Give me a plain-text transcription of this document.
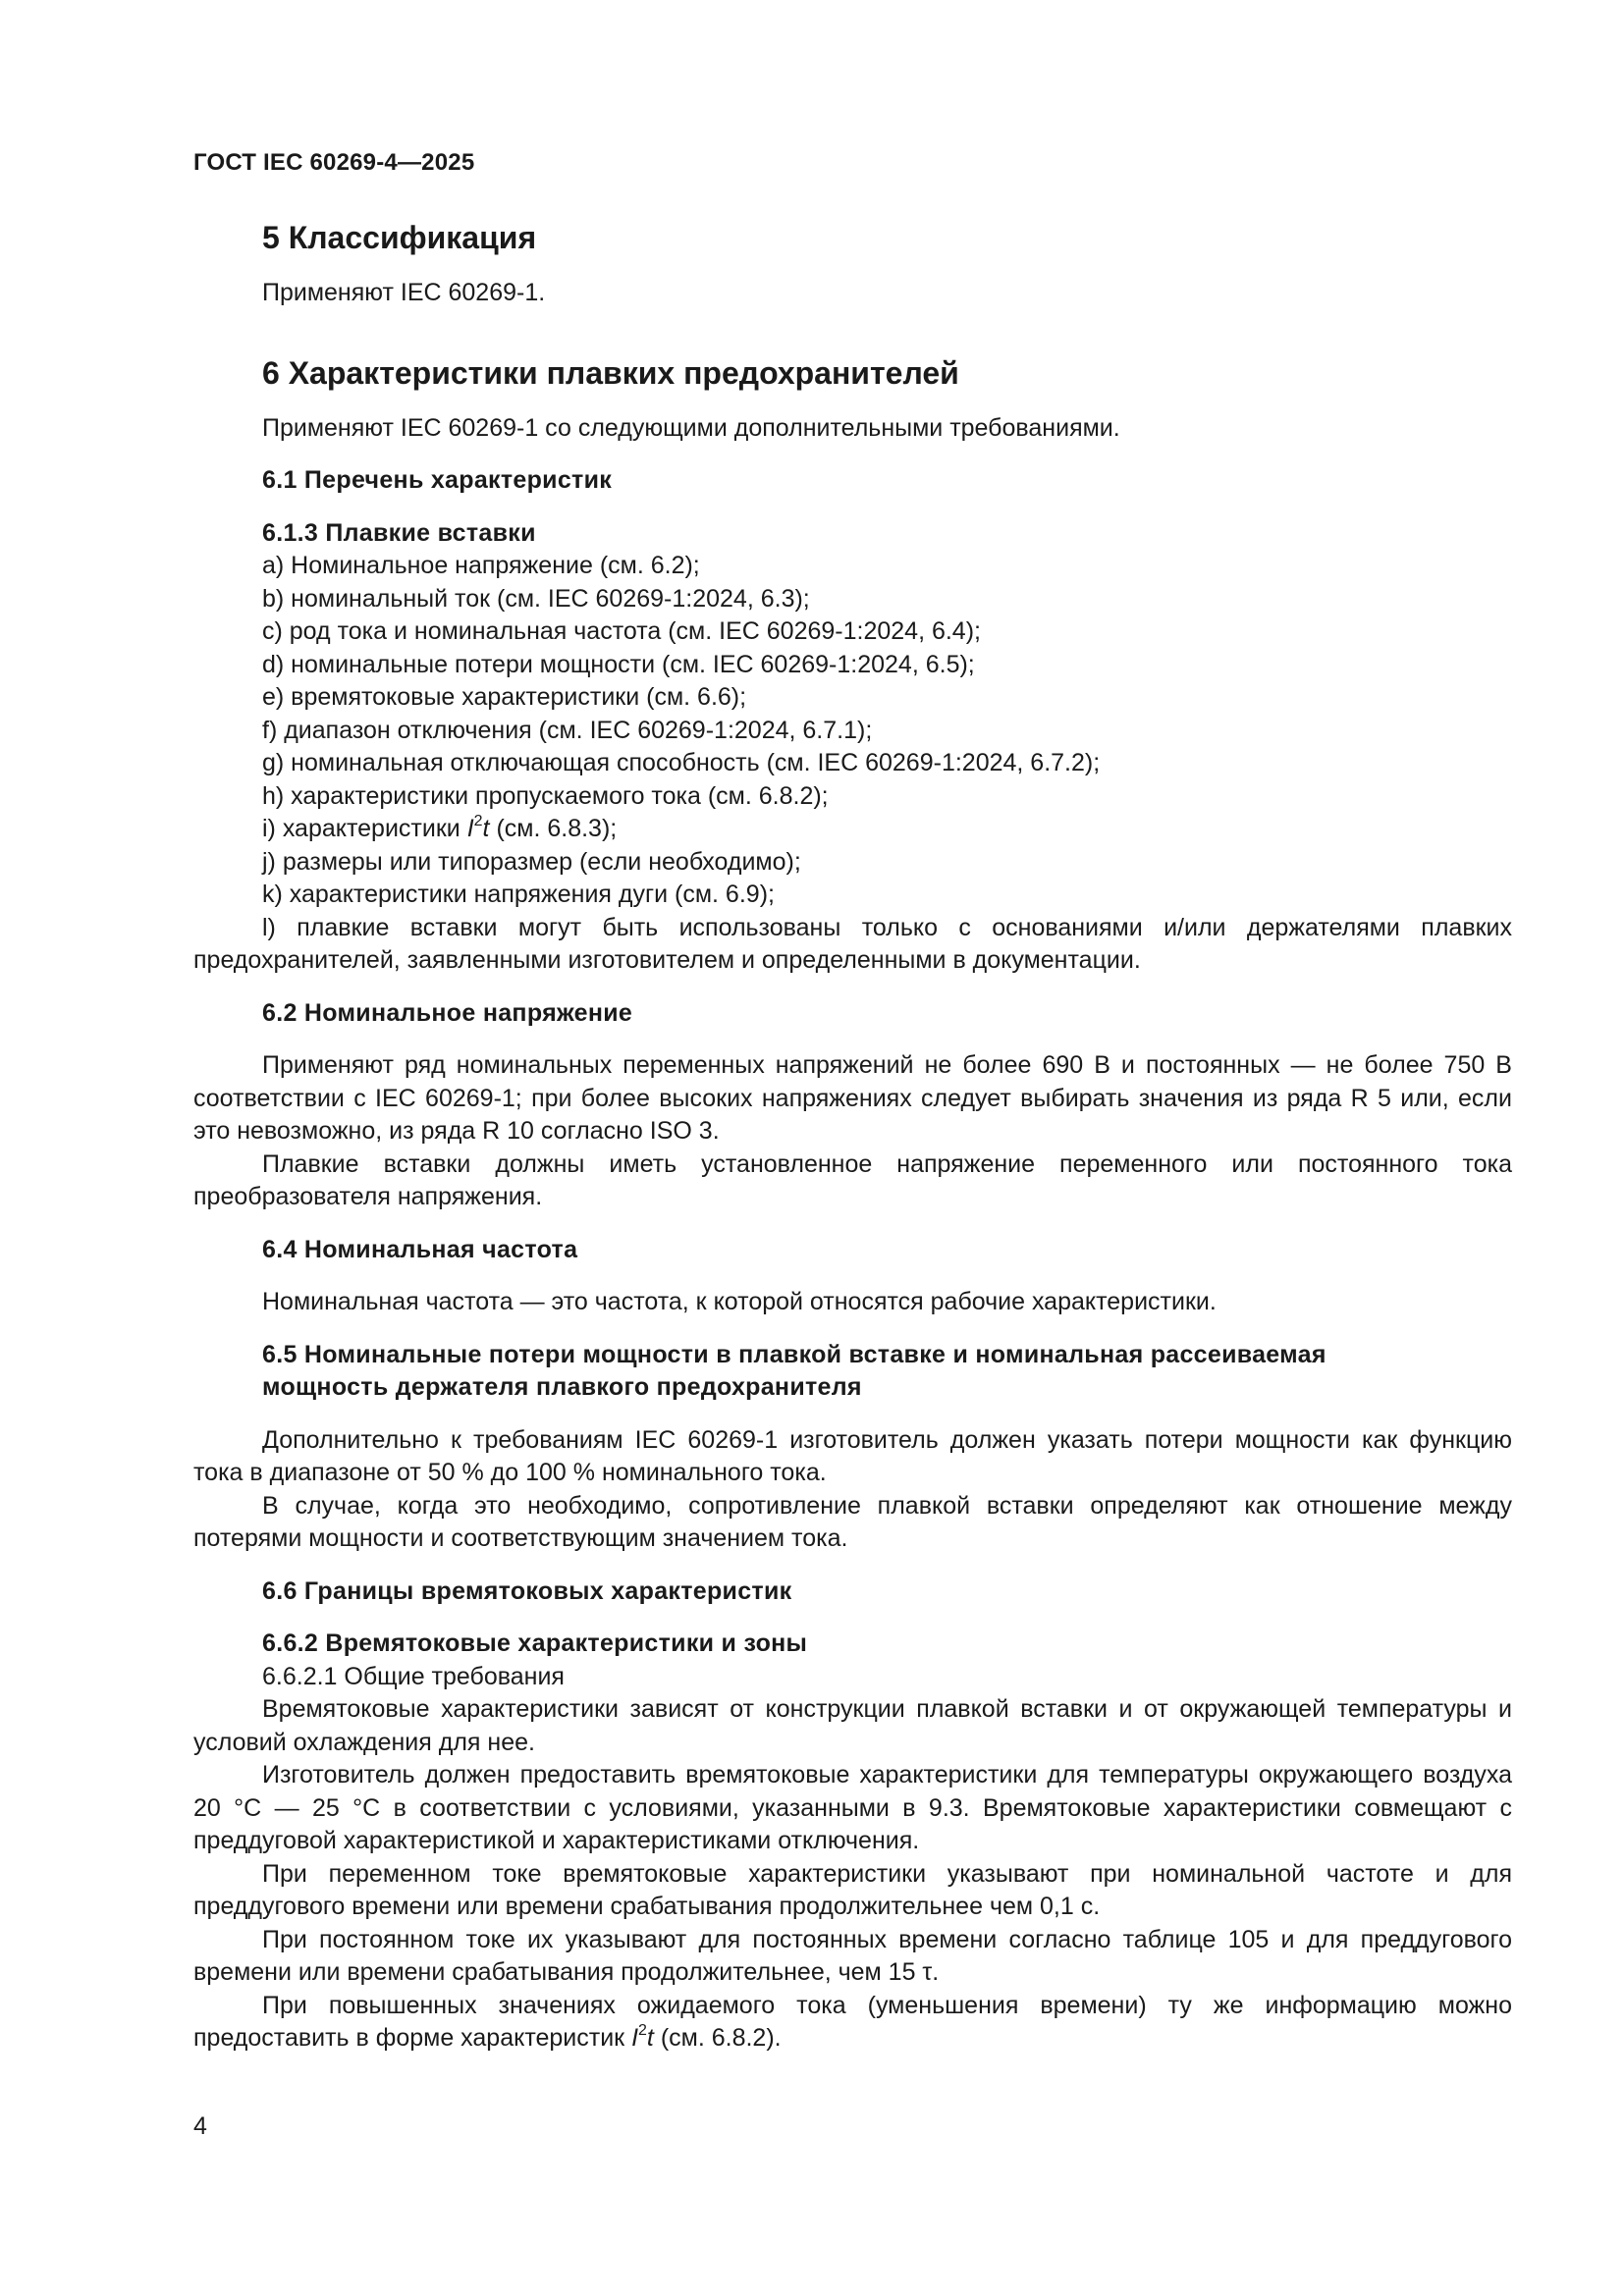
ГОСТ IEC 60269-4—2025

5 Классификация

Применяют IEC 60269-1.

6 Характеристики плавких предохранителей

Применяют IEC 60269-1 со следующими дополнительными требованиями.

6.1 Перечень характеристик

6.1.3 Плавкие вставки

a) Номинальное напряжение (см. 6.2);

b) номинальный ток (см. IEC 60269-1:2024, 6.3);

c) род тока и номинальная частота (см. IEC 60269-1:2024, 6.4);

d) номинальные потери мощности (см. IEC 60269-1:2024, 6.5);

e) времятоковые характеристики (см. 6.6);

f) диапазон отключения (см. IEC 60269-1:2024, 6.7.1);

g) номинальная отключающая способность (см. IEC 60269-1:2024, 6.7.2);

h) характеристики пропускаемого тока (см. 6.8.2);

i) характеристики $I^2t$ (см. 6.8.3);

j) размеры или типоразмер (если необходимо);

k) характеристики напряжения дуги (см. 6.9);

l) плавкие вставки могут быть использованы только с основаниями и/или держателями плавких предохранителей, заявленными изготовителем и определенными в документации.

6.2 Номинальное напряжение

Применяют ряд номинальных переменных напряжений не более 690 В и постоянных — не более 750 В соответствии с IEC 60269-1; при более высоких напряжениях следует выбирать значения из ряда R 5 или, если это невозможно, из ряда R 10 согласно ISO 3.

Плавкие вставки должны иметь установленное напряжение переменного или постоянного тока преобразователя напряжения.

6.4 Номинальная частота

Номинальная частота — это частота, к которой относятся рабочие характеристики.

6.5 Номинальные потери мощности в плавкой вставке и номинальная рассеиваемая

мощность держателя плавкого предохранителя

Дополнительно к требованиям IEC 60269-1 изготовитель должен указать потери мощности как функцию тока в диапазоне от 50 % до 100 % номинального тока.

В случае, когда это необходимо, сопротивление плавкой вставки определяют как отношение между потерями мощности и соответствующим значением тока.

6.6 Границы времятоковых характеристик

6.6.2 Времятоковые характеристики и зоны

6.6.2.1 Общие требования

Времятоковые характеристики зависят от конструкции плавкой вставки и от окружающей температуры и условий охлаждения для нее.

Изготовитель должен предоставить времятоковые характеристики для температуры окружающего воздуха 20 °C — 25 °C в соответствии с условиями, указанными в 9.3. Времятоковые характеристики совмещают с преддуговой характеристикой и характеристиками отключения.

При переменном токе времятоковые характеристики указывают при номинальной частоте и для преддугового времени или времени срабатывания продолжительнее чем 0,1 с.

При постоянном токе их указывают для постоянных времени согласно таблице 105 и для преддугового времени или времени срабатывания продолжительнее, чем 15 τ.

При повышенных значениях ожидаемого тока (уменьшения времени) ту же информацию можно предоставить в форме характеристик $I^2t$ (см. 6.8.2).

4
